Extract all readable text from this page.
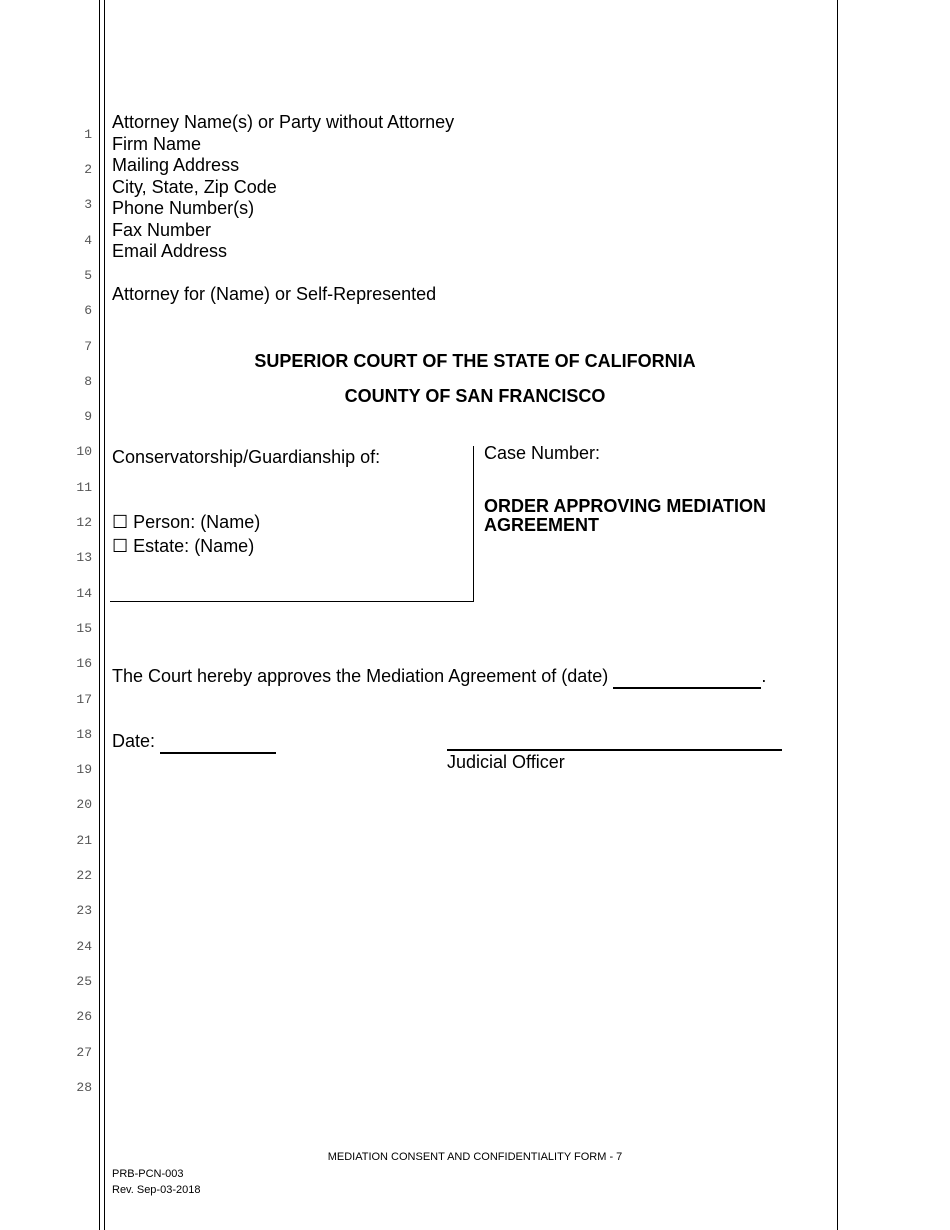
1
2
3
4
5
6
7
8
9
10
11
12
13
14
15
16
17
18
19
20
21
22
23
24
25
26
27
28
Attorney Name(s) or Party without Attorney
Firm Name
Mailing Address
City, State, Zip Code
Phone Number(s)
Fax Number
Email Address
Attorney for (Name) or Self-Represented
SUPERIOR COURT OF THE STATE OF CALIFORNIA
COUNTY OF SAN FRANCISCO
Conservatorship/Guardianship of:
☐ Person: (Name)
☐ Estate: (Name)
Case Number:
ORDER APPROVING MEDIATION AGREEMENT
The Court hereby approves the Mediation Agreement of (date)	.
Date:
Judicial Officer
MEDIATION CONSENT AND CONFIDENTIALITY FORM - 7
PRB-PCN-003
Rev. Sep-03-2018
